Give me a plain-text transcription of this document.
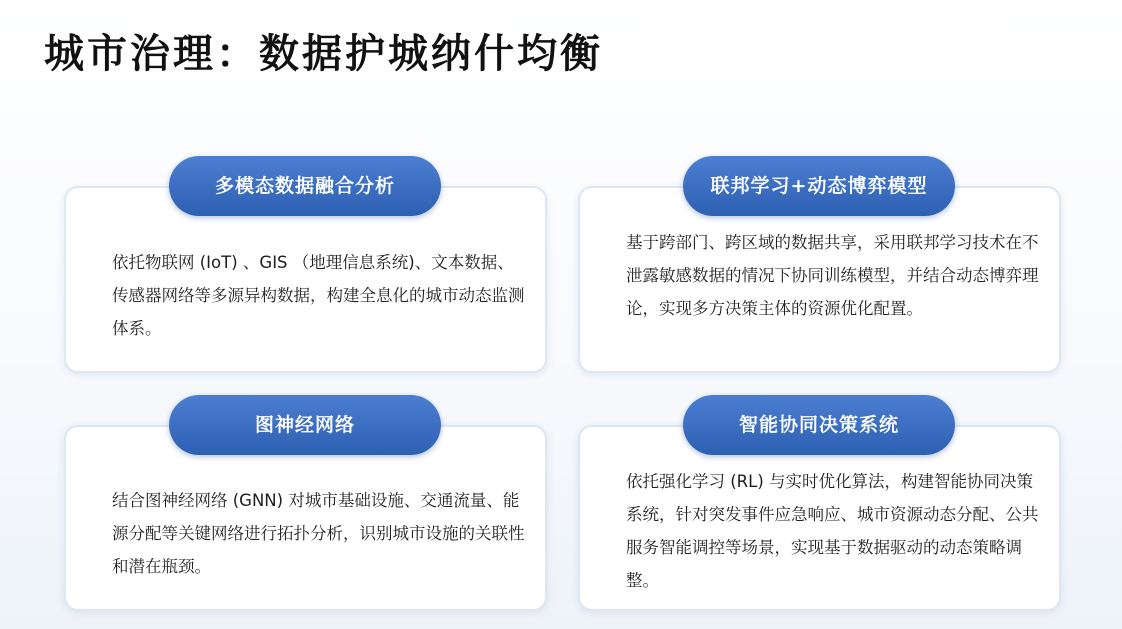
城市治理：数据护城纳什均衡

依托物联网 (IoT) 、GIS （地理信息系统)、文本数据、传感器网络等多源异构数据，构建全息化的城市动态监测体系。

多模态数据融合分析

基于跨部门、跨区域的数据共享，采用联邦学习技术在不泄露敏感数据的情况下协同训练模型，并结合动态博弈理论，实现多方决策主体的资源优化配置。

联邦学习+动态博弈模型

结合图神经网络 (GNN) 对城市基础设施、交通流量、能源分配等关键网络进行拓扑分析，识别城市设施的关联性和潜在瓶颈。

图神经网络

依托强化学习 (RL) 与实时优化算法，构建智能协同决策系统，针对突发事件应急响应、城市资源动态分配、公共服务智能调控等场景，实现基于数据驱动的动态策略调整。

智能协同决策系统
